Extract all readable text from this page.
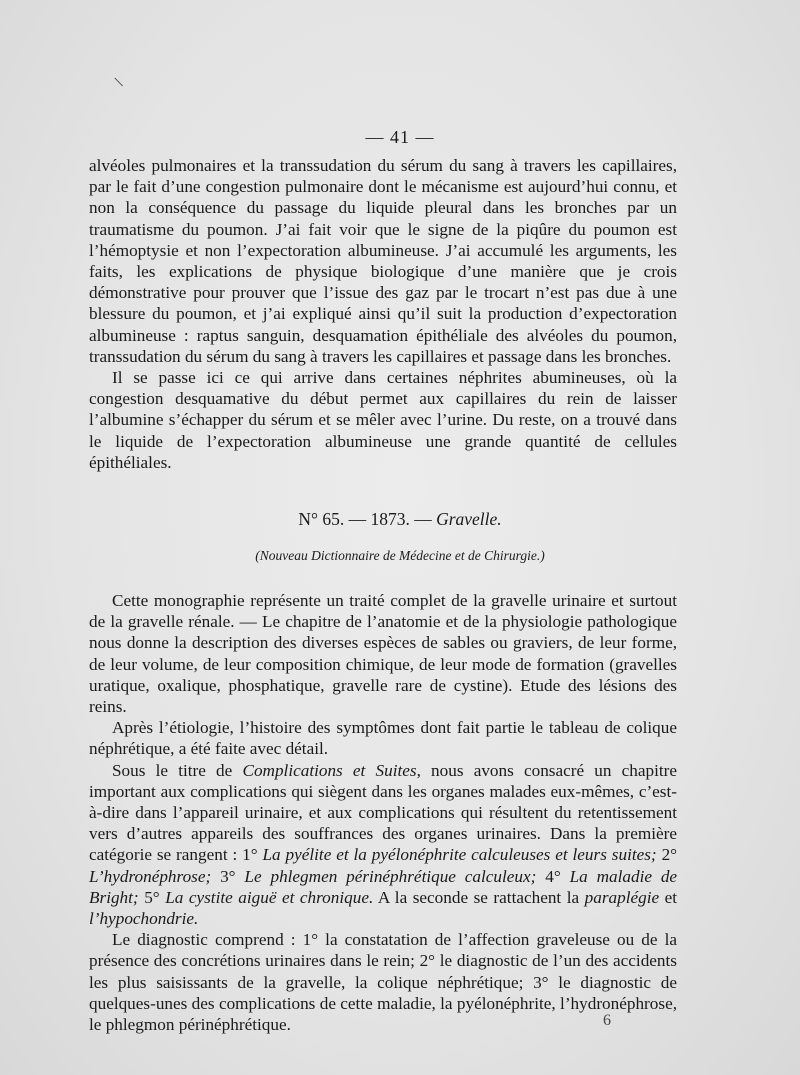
\
— 41 —

alvéoles pulmonaires et la transsudation du sérum du sang à travers les capillaires, par le fait d’une congestion pulmonaire dont le mécanisme est aujourd’hui connu, et non la conséquence du passage du liquide pleural dans les bronches par un traumatisme du poumon. J’ai fait voir que le signe de la piqûre du poumon est l’hémoptysie et non l’expectoration albumineuse. J’ai accumulé les arguments, les faits, les explications de physique biologique d’une manière que je crois démonstrative pour prouver que l’issue des gaz par le trocart n’est pas due à une blessure du poumon, et j’ai expliqué ainsi qu’il suit la production d’expectoration albumineuse : raptus sanguin, desquamation épithéliale des alvéoles du poumon, transsudation du sérum du sang à travers les capillaires et passage dans les bronches.

Il se passe ici ce qui arrive dans certaines néphrites abumineuses, où la congestion desquamative du début permet aux capillaires du rein de laisser l’albumine s’échapper du sérum et se mêler avec l’urine. Du reste, on a trouvé dans le liquide de l’expectoration albumineuse une grande quantité de cellules épithéliales.

N° 65. — 1873. — Gravelle.
(Nouveau Dictionnaire de Médecine et de Chirurgie.)

Cette monographie représente un traité complet de la gravelle urinaire et surtout de la gravelle rénale. — Le chapitre de l’anatomie et de la physiologie pathologique nous donne la description des diverses espèces de sables ou graviers, de leur forme, de leur volume, de leur composition chimique, de leur mode de formation (gravelles uratique, oxalique, phosphatique, gravelle rare de cystine). Etude des lésions des reins.

Après l’étiologie, l’histoire des symptômes dont fait partie le tableau de colique néphrétique, a été faite avec détail.

Sous le titre de Complications et Suites, nous avons consacré un chapitre important aux complications qui siègent dans les organes malades eux-mêmes, c’est-à-dire dans l’appareil urinaire, et aux complications qui résultent du retentissement vers d’autres appareils des souffrances des organes urinaires. Dans la première catégorie se rangent : 1° La pyélite et la pyélonéphrite calculeuses et leurs suites; 2° L’hydronéphrose; 3° Le phlegmen périnéphrétique calculeux; 4° La maladie de Bright; 5° La cystite aiguë et chronique. A la seconde se rattachent la paraplégie et l’hypochondrie.

Le diagnostic comprend : 1° la constatation de l’affection graveleuse ou de la présence des concrétions urinaires dans le rein; 2° le diagnostic de l’un des accidents les plus saisissants de la gravelle, la colique néphrétique; 3° le diagnostic de quelques-unes des complications de cette maladie, la pyélonéphrite, l’hydronéphrose, le phlegmon périnéphrétique.	6
